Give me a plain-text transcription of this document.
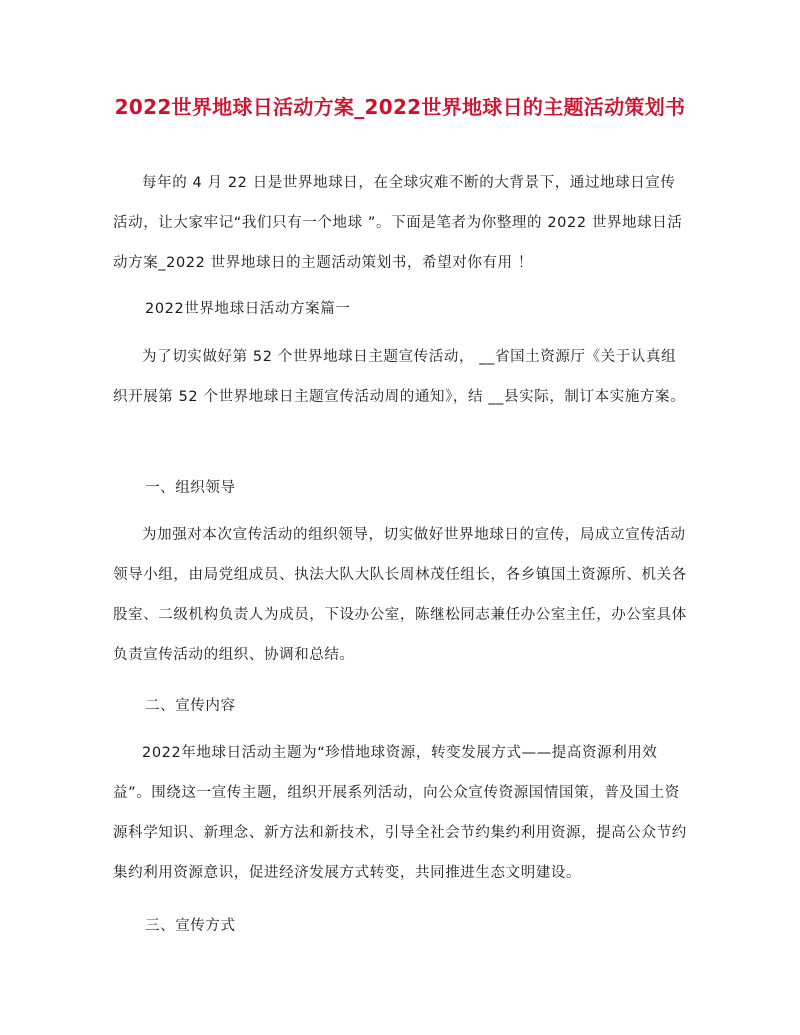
2022世界地球日活动方案_2022世界地球日的主题活动策划书

每年的 4 月 22 日是世界地球日，在全球灾难不断的大背景下，通过地球日宣传活动，让大家牢记“我们只有一个地球 ”。下面是笔者为你整理的 2022 世界地球日活动方案_2022 世界地球日的主题活动策划书，希望对你有用 ！

2022世界地球日活动方案篇一

为了切实做好第 52 个世界地球日主题宣传活动， __省国土资源厅《关于认真组织开展第 52 个世界地球日主题宣传活动周的通知》，结 __县实际，制订本实施方案。

一、组织领导

为加强对本次宣传活动的组织领导，切实做好世界地球日的宣传，局成立宣传活动领导小组，由局党组成员、执法大队大队长周林茂任组长，各乡镇国土资源所、机关各股室、二级机构负责人为成员，下设办公室，陈继松同志兼任办公室主任，办公室具体负责宣传活动的组织、协调和总结。

二、宣传内容

2022年地球日活动主题为“珍惜地球资源，转变发展方式——提高资源利用效益”。围绕这一宣传主题，组织开展系列活动，向公众宣传资源国情国策，普及国土资源科学知识、新理念、新方法和新技术，引导全社会节约集约利用资源，提高公众节约集约利用资源意识，促进经济发展方式转变，共同推进生态文明建设。

三、宣传方式
